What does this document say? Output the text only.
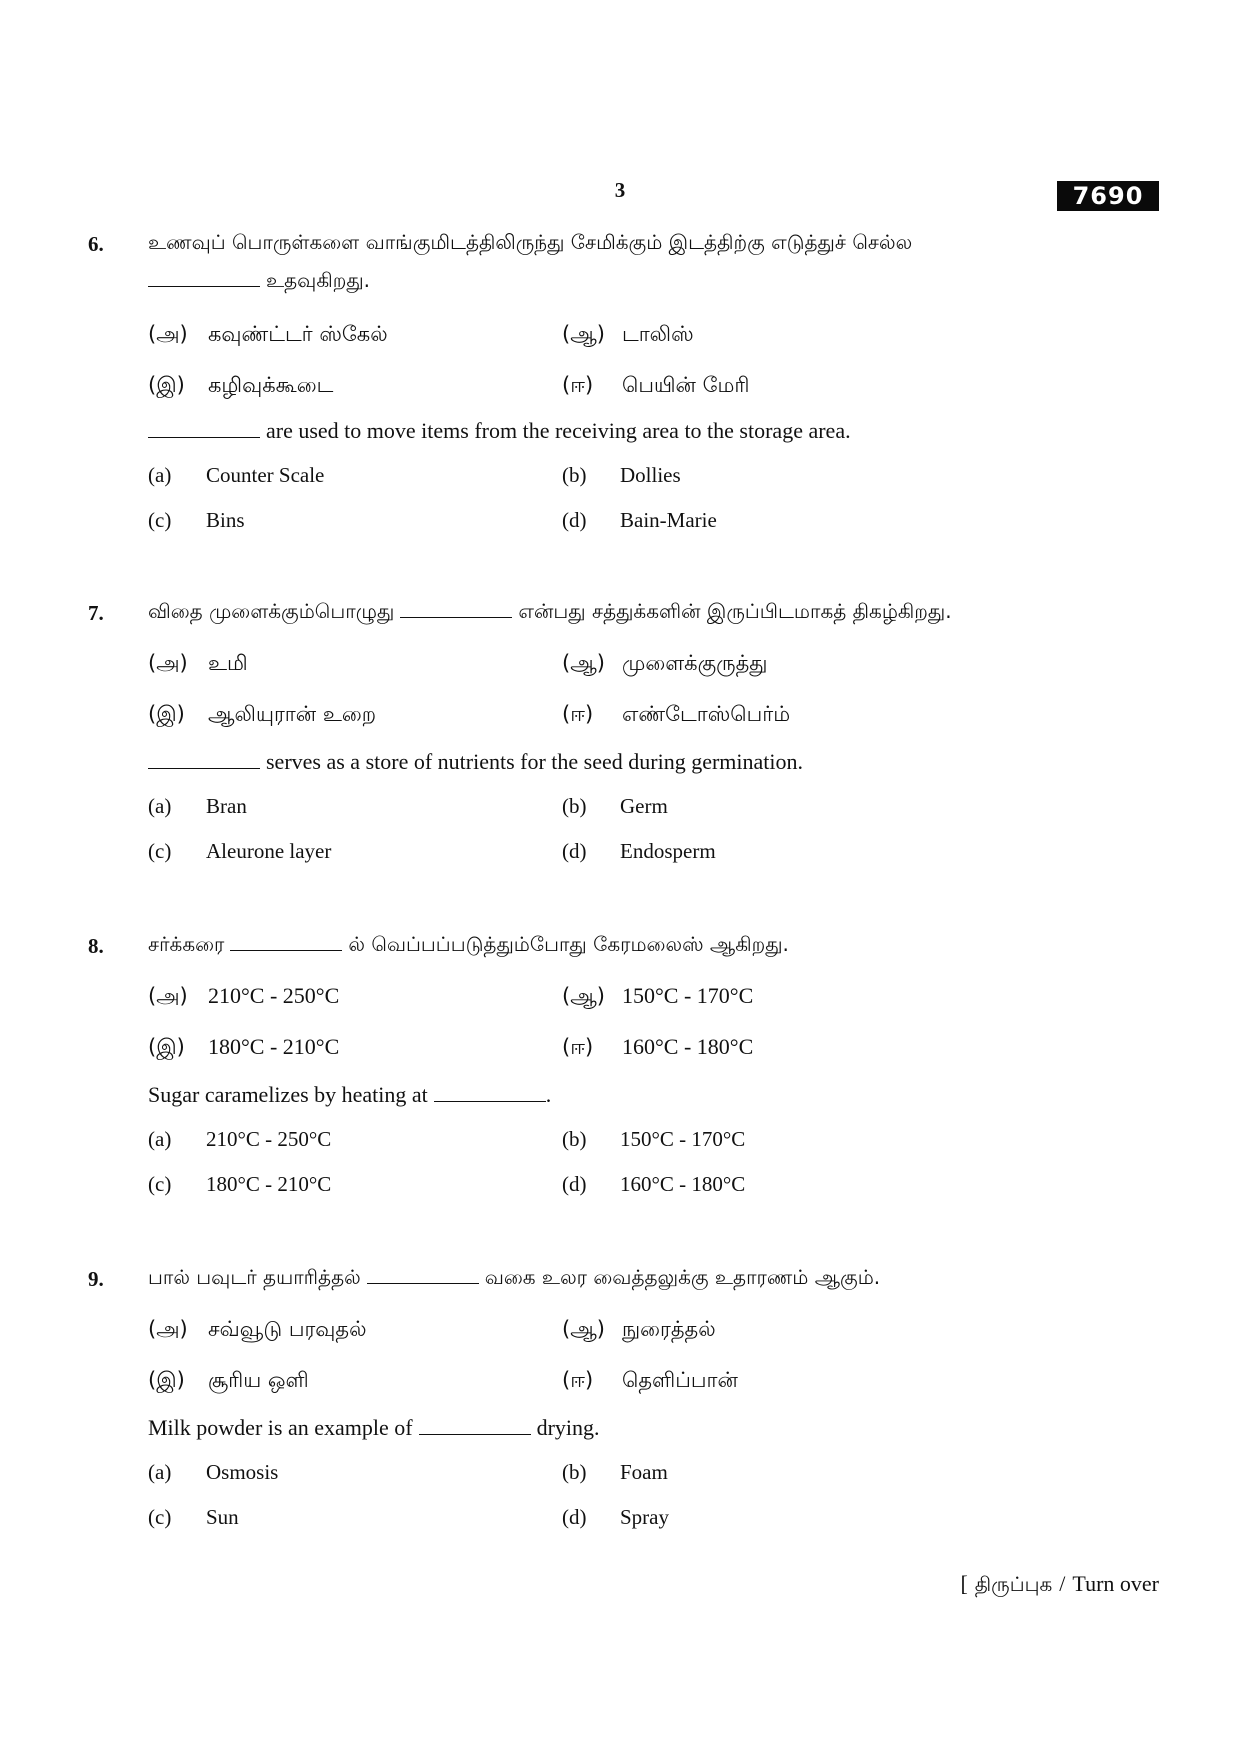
3	7690
6. உணவுப் பொருள்களை வாங்குமிடத்திலிருந்து சேமிக்கும் இடத்திற்கு எடுத்துச் செல்ல
உதவுகிறது.
(அ) கவுண்ட்டர் ஸ்கேல்	(ஆ) டாலிஸ்
(இ) கழிவுக்கூடை	(ஈ) பெயின் மேரி
are used to move items from the receiving area to the storage area.
(a) Counter Scale	(b) Dollies
(c) Bins	(d) Bain-Marie
7. விதை முளைக்கும்பொழுது	என்பது சத்துக்களின் இருப்பிடமாகத் திகழ்கிறது.
(அ) உமி	(ஆ) முளைக்குருத்து
(இ) ஆலியுரான் உறை	(ஈ) எண்டோஸ்பெர்ம்
serves as a store of nutrients for the seed during germination.
(a) Bran	(b) Germ
(c) Aleurone layer	(d) Endosperm
8. சர்க்கரை	ல் வெப்பப்படுத்தும்போது கேரமலைஸ் ஆகிறது.
(அ) 210°C - 250°C	(ஆ) 150°C - 170°C
(இ) 180°C - 210°C	(ஈ) 160°C - 180°C
Sugar caramelizes by heating at	.
(a) 210°C - 250°C	(b) 150°C - 170°C
(c) 180°C - 210°C	(d) 160°C - 180°C
9. பால் பவுடர் தயாரித்தல்	வகை உலர வைத்தலுக்கு உதாரணம் ஆகும்.
(அ) சவ்வூடு பரவுதல்	(ஆ) நுரைத்தல்
(இ) சூரிய ஒளி	(ஈ) தெளிப்பான்
Milk powder is an example of	drying.
(a) Osmosis	(b) Foam
(c) Sun	(d) Spray
[ திருப்புக / Turn over
